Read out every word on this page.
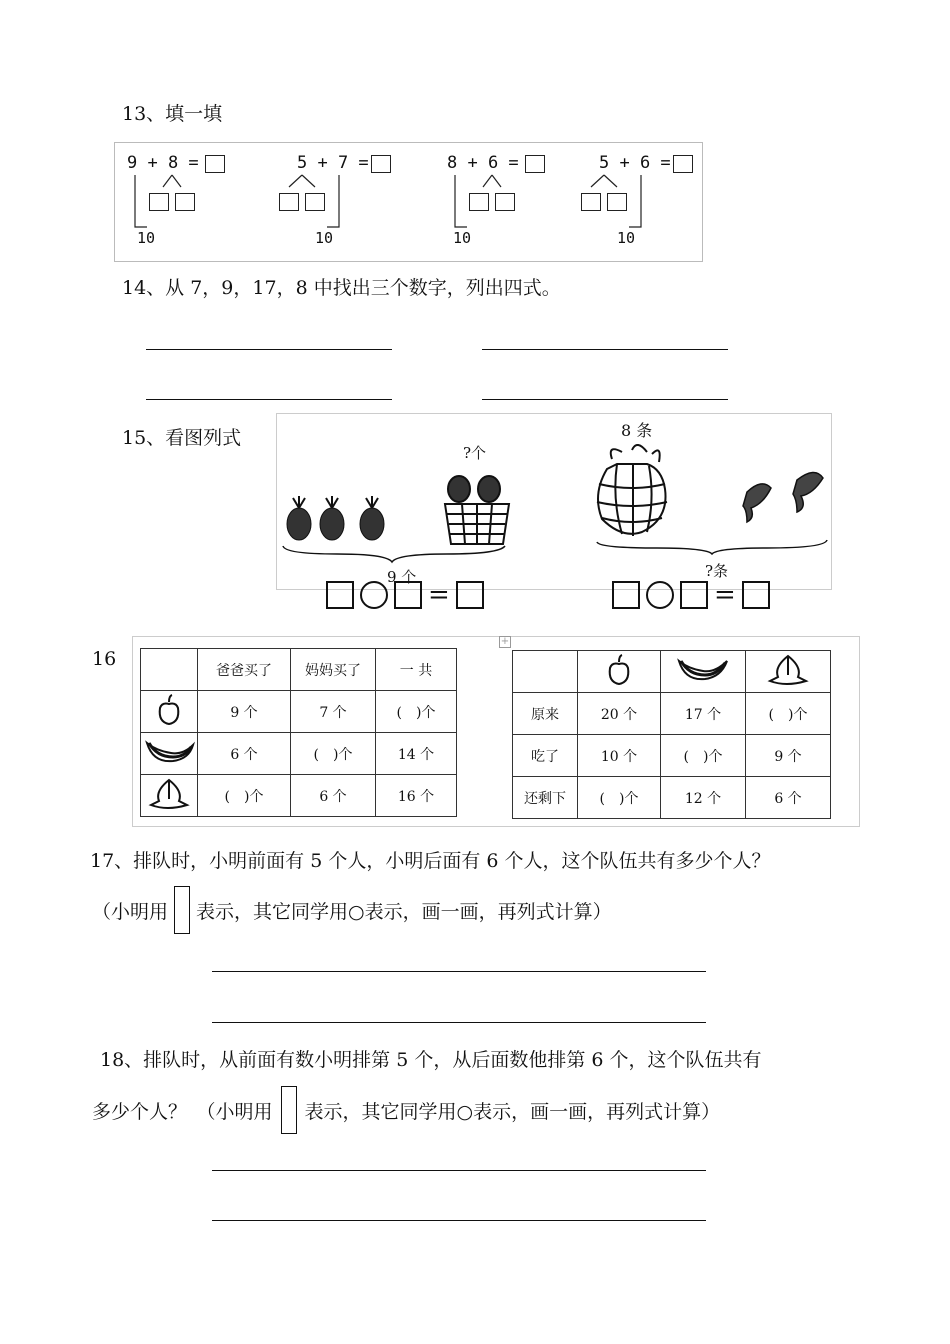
13、填一填
9 + 8 =
10
5 + 7 =
10
8 + 6 =
10
5 + 6 =
10
14、从 7，9，17，8 中找出三个数字，列出四式。
15、看图列式
?个
9 个
8 条
?条
=	=
16
	爸爸买了	妈妈买了	一 共
	9 个	7 个	(　)个
	6 个	(　)个	14 个
	(　)个	6 个	16 个
+

原来	20 个	17 个	(　)个
吃了	10 个	(　)个	9 个
还剩下	(　)个	12 个	6 个
17、排队时，小明前面有 5 个人，小明后面有 6 个人，这个队伍共有多少个人？
（小明用 表示，其它同学用○表示，画一画，再列式计算）
18、排队时，从前面有数小明排第 5 个，从后面数他排第 6 个，这个队伍共有
多少个人？　（小明用 表示，其它同学用○表示，画一画，再列式计算）
